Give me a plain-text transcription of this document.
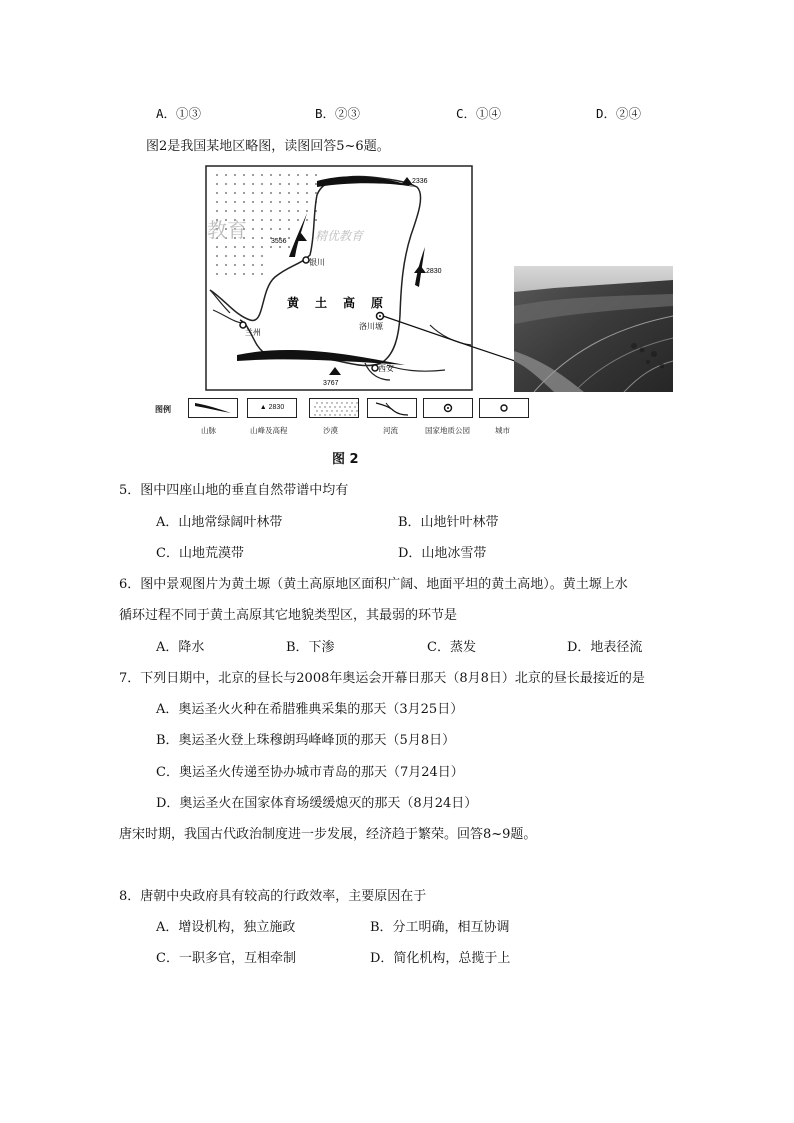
A．①③	B．②③	C．①④	D．②④
图2是我国某地区略图，读图回答5~6题。
教育	精优教育
2336
3556
2830
3767
银川
兰州
西安
洛川塬
黄 土 高 原
图例
山脉
▲ 2830
山峰及高程	沙漠	河流	国家地质公园	城市
图 2
5．图中四座山地的垂直自然带谱中均有
A．山地常绿阔叶林带	B．山地针叶林带
C．山地荒漠带	D．山地冰雪带
6．图中景观图片为黄土塬（黄土高原地区面积广阔、地面平坦的黄土高地）。黄土塬上水
循环过程不同于黄土高原其它地貌类型区，其最弱的环节是
A．降水	B．下渗	C．蒸发	D．地表径流
7．下列日期中，北京的昼长与2008年奥运会开幕日那天（8月8日）北京的昼长最接近的是
A．奥运圣火火种在希腊雅典采集的那天（3月25日）
B．奥运圣火登上珠穆朗玛峰峰顶的那天（5月8日）
C．奥运圣火传递至协办城市青岛的那天（7月24日）
D．奥运圣火在国家体育场缓缓熄灭的那天（8月24日）
唐宋时期，我国古代政治制度进一步发展，经济趋于繁荣。回答8~9题。
8．唐朝中央政府具有较高的行政效率，主要原因在于
A．增设机构，独立施政	B．分工明确，相互协调
C．一职多官，互相牵制	D．简化机构，总揽于上
